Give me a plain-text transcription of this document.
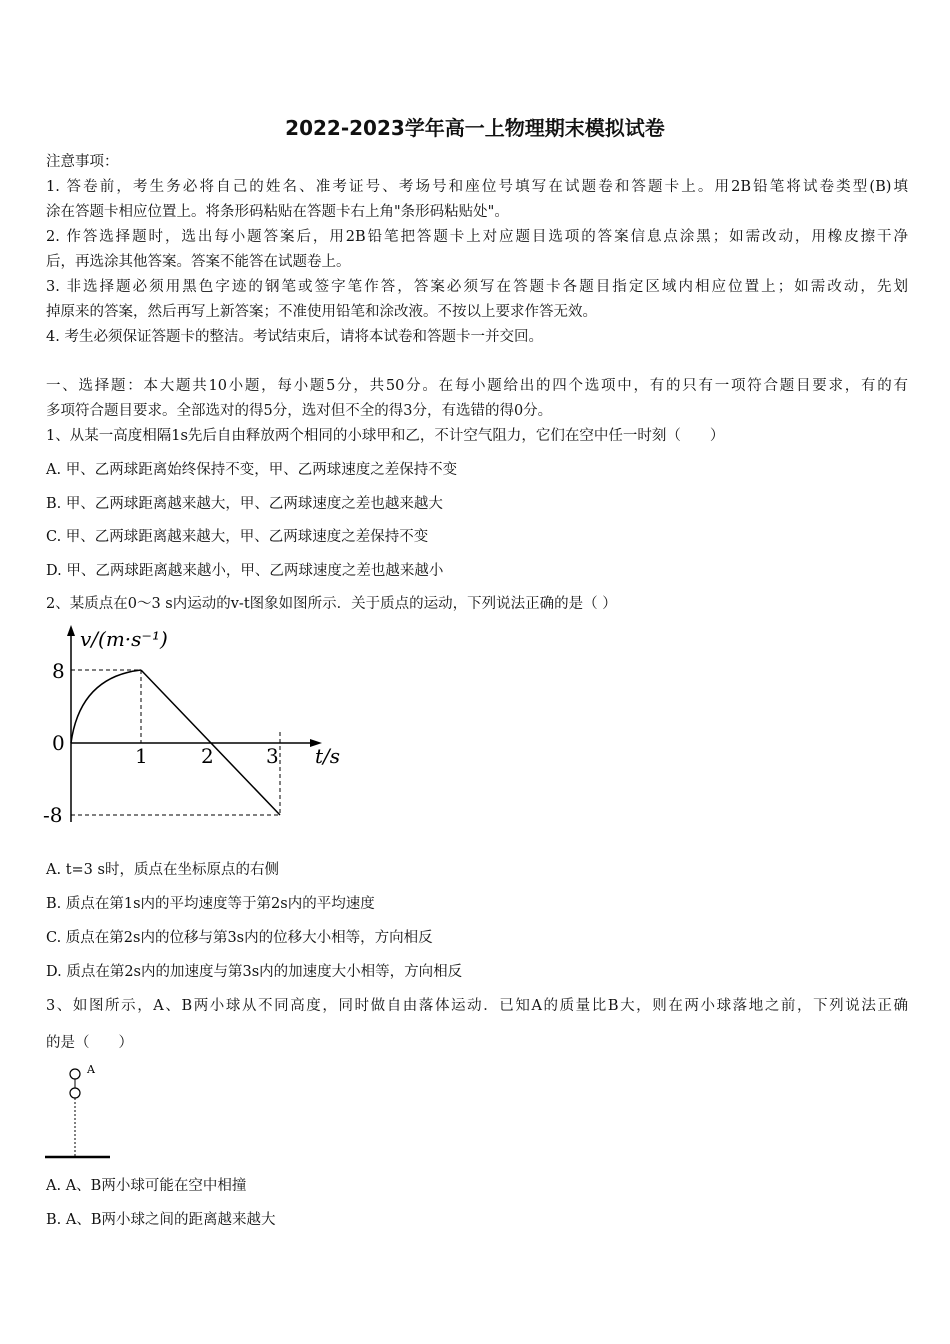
2022-2023学年高一上物理期末模拟试卷
注意事项：
1. 答卷前，考生务必将自己的姓名、准考证号、考场号和座位号填写在试题卷和答题卡上。用2B铅笔将试卷类型(B)填
涂在答题卡相应位置上。将条形码粘贴在答题卡右上角"条形码粘贴处"。
2. 作答选择题时，选出每小题答案后，用2B铅笔把答题卡上对应题目选项的答案信息点涂黑；如需改动，用橡皮擦干净
后，再选涂其他答案。答案不能答在试题卷上。
3. 非选择题必须用黑色字迹的钢笔或签字笔作答，答案必须写在答题卡各题目指定区域内相应位置上；如需改动，先划
掉原来的答案，然后再写上新答案；不准使用铅笔和涂改液。不按以上要求作答无效。
4. 考生必须保证答题卡的整洁。考试结束后，请将本试卷和答题卡一并交回。
一、选择题：本大题共10小题，每小题5分，共50分。在每小题给出的四个选项中，有的只有一项符合题目要求，有的有
多项符合题目要求。全部选对的得5分，选对但不全的得3分，有选错的得0分。
1、从某一高度相隔1s先后自由释放两个相同的小球甲和乙，不计空气阻力，它们在空中任一时刻（　　）
A. 甲、乙两球距离始终保持不变，甲、乙两球速度之差保持不变
B. 甲、乙两球距离越来越大，甲、乙两球速度之差也越来越大
C. 甲、乙两球距离越来越大，甲、乙两球速度之差保持不变
D. 甲、乙两球距离越来越小，甲、乙两球速度之差也越来越小
2、某质点在0～3 s内运动的v-t图象如图所示．关于质点的运动，下列说法正确的是（ ）
v/(m·s⁻¹)
t/s
8
0
-8
1	2	3
A. t=3 s时，质点在坐标原点的右侧
B. 质点在第1s内的平均速度等于第2s内的平均速度
C. 质点在第2s内的位移与第3s内的位移大小相等，方向相反
D. 质点在第2s内的加速度与第3s内的加速度大小相等，方向相反
3、如图所示，A、B两小球从不同高度，同时做自由落体运动．已知A的质量比B大，则在两小球落地之前，下列说法正确
的是（　　）
A
A. A、B两小球可能在空中相撞
B. A、B两小球之间的距离越来越大
